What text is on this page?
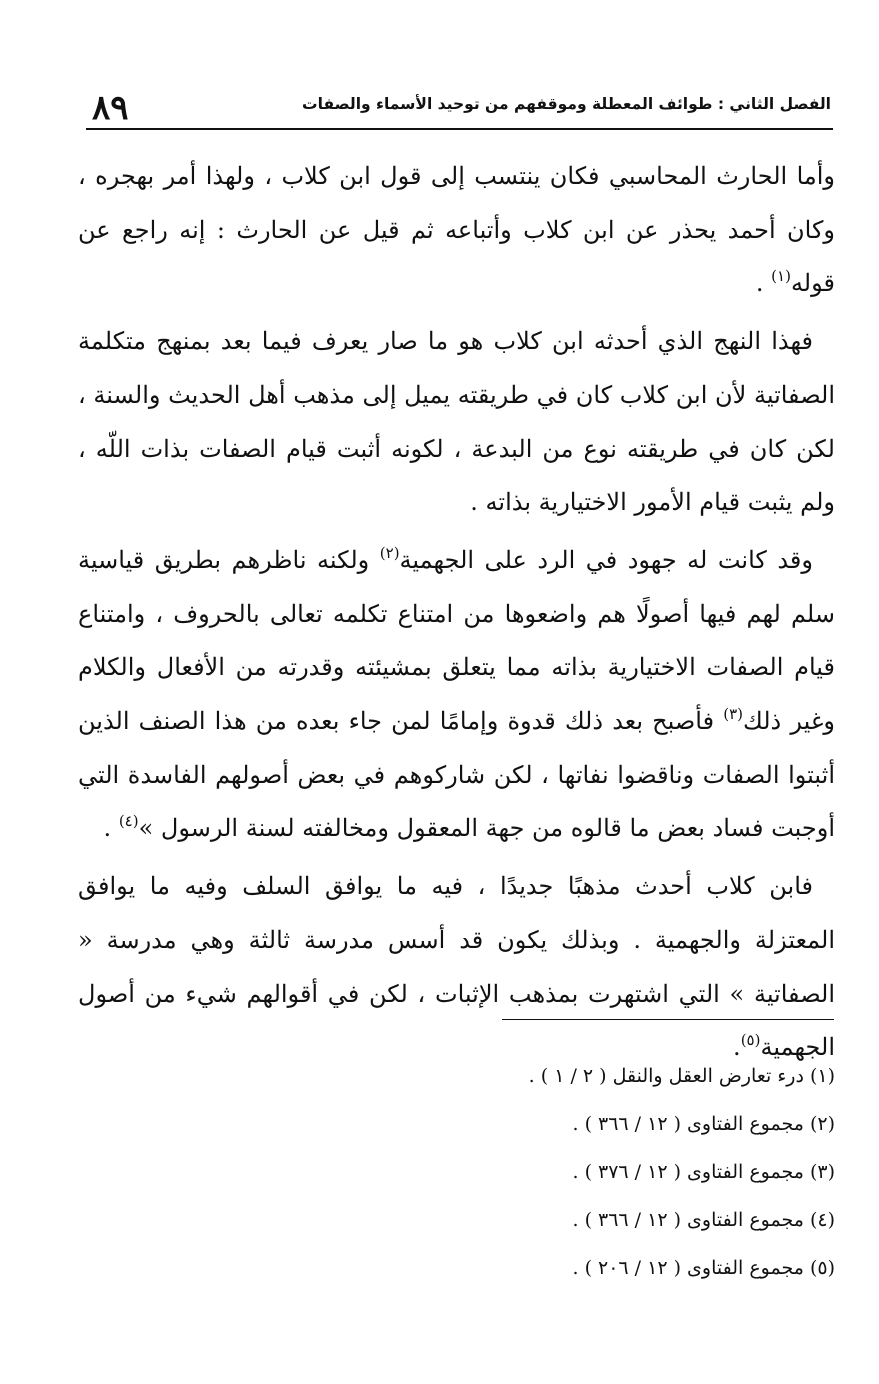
٨٩	الفصل الثاني : طوائف المعطلة وموقفهم من توحيد الأسماء والصفات

وأما الحارث المحاسبي فكان ينتسب إلى قول ابن كلاب ، ولهذا أمر بهجره ، وكان أحمد يحذر عن ابن كلاب وأتباعه ثم قيل عن الحارث : إنه راجع عن قوله$^{(١)}$ .

فهذا النهج الذي أحدثه ابن كلاب هو ما صار يعرف فيما بعد بمنهج متكلمة الصفاتية لأن ابن كلاب كان في طريقته يميل إلى مذهب أهل الحديث والسنة ، لكن كان في طريقته نوع من البدعة ، لكونه أثبت قيام الصفات بذات اللّه ، ولم يثبت قيام الأمور الاختيارية بذاته .

وقد كانت له جهود في الرد على الجهمية$^{(٢)}$ ولكنه ناظرهم بطريق قياسية سلم لهم فيها أصولًا هم واضعوها من امتناع تكلمه تعالى بالحروف ، وامتناع قيام الصفات الاختيارية بذاته مما يتعلق بمشيئته وقدرته من الأفعال والكلام وغير ذلك$^{(٣)}$ فأصبح بعد ذلك قدوة وإمامًا لمن جاء بعده من هذا الصنف الذين أثبتوا الصفات وناقضوا نفاتها ، لكن شاركوهم في بعض أصولهم الفاسدة التي أوجبت فساد بعض ما قالوه من جهة المعقول ومخالفته لسنة الرسول »$^{(٤)}$ .

فابن كلاب أحدث مذهبًا جديدًا ، فيه ما يوافق السلف وفيه ما يوافق المعتزلة والجهمية . وبذلك يكون قد أسس مدرسة ثالثة وهي مدرسة « الصفاتية » التي اشتهرت بمذهب الإثبات ، لكن في أقوالهم شيء من أصول الجهمية$^{(٥)}$.

(١) درء تعارض العقل والنقل ( ٢ / ١ ) .

(٢) مجموع الفتاوى ( ١٢ / ٣٦٦ ) .

(٣) مجموع الفتاوى ( ١٢ / ٣٧٦ ) .

(٤) مجموع الفتاوى ( ١٢ / ٣٦٦ ) .

(٥) مجموع الفتاوى ( ١٢ / ٢٠٦ ) .
